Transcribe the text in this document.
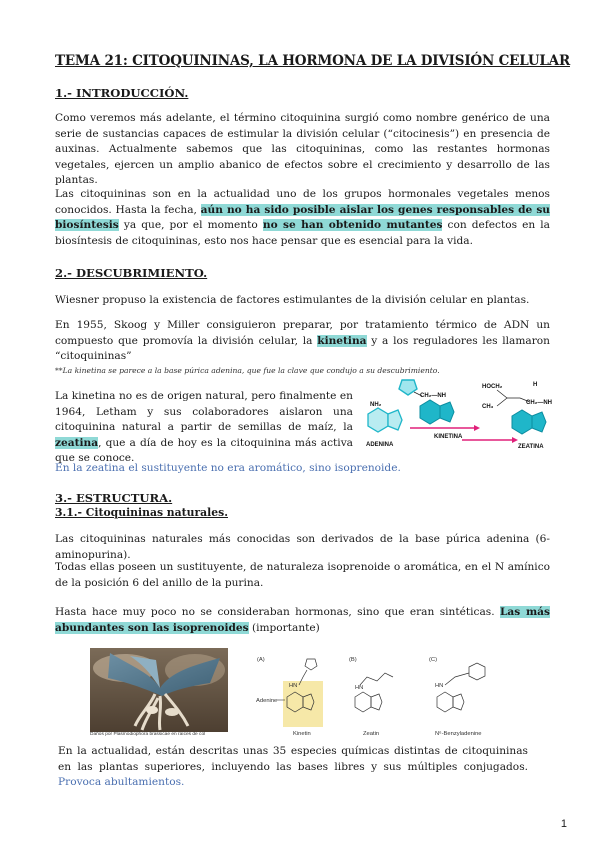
TEMA 21: CITOQUININAS, LA HORMONA DE LA DIVISIÓN CELULAR
1.- INTRODUCCIÓN.
Como veremos más adelante, el término citoquinina surgió como nombre genérico de una serie de sustancias capaces de estimular la división celular (“citocinesis”) en presencia de auxinas. Actualmente sabemos que las citoquininas, como las restantes hormonas vegetales, ejercen un amplio abanico de efectos sobre el crecimiento y desarrollo de las plantas.
Las citoquininas son en la actualidad uno de los grupos hormonales vegetales menos conocidos. Hasta la fecha, aún no ha sido posible aislar los genes responsables de su biosíntesis ya que, por el momento no se han obtenido mutantes con defectos en la biosíntesis de citoquininas, esto nos hace pensar que es esencial para la vida.
2.- DESCUBRIMIENTO.
Wiesner propuso la existencia de factores estimulantes de la división celular en plantas.
En 1955, Skoog y Miller consiguieron preparar, por tratamiento térmico de ADN un compuesto que promovía la división celular, la kinetina y a los reguladores les llamaron “citoquininas”
**La kinetina se parece a la base púrica adenina, que fue la clave que condujo a su descubrimiento.
La kinetina no es de origen natural, pero finalmente en 1964, Letham y sus colaboradores aislaron una citoquinina natural a partir de semillas de maíz, la zeatina, que a día de hoy es la citoquinina más activa que se conoce.
En la zeatina el sustituyente no era aromático, sino isoprenoide.
NH₂
ADENINA
CH₂—NH
KINETINA
HOCH₂	H
CH₃
CH₂—NH
ZEATINA
3.- ESTRUCTURA.
3.1.- Citoquininas naturales.
Las citoquininas naturales más conocidas son derivados de la base púrica adenina (6-aminopurina).
Todas ellas poseen un sustituyente, de naturaleza isoprenoide o aromática, en el N amínico de la posición 6 del anillo de la purina.
Hasta hace muy poco no se consideraban hormonas, sino que eran sintéticas. Las más abundantes son las isoprenoides (importante)
Daños por Plasmodiophora brassicae en raíces de col
(A)	(B)	(C)
Adenine
HN
Kinetin
HN
Zeatin
HN
N⁶-Benzyladenine
En la actualidad, están descritas unas 35 especies químicas distintas de citoquininas en las plantas superiores, incluyendo las bases libres y sus múltiples conjugados. Provoca abultamientos.
1
